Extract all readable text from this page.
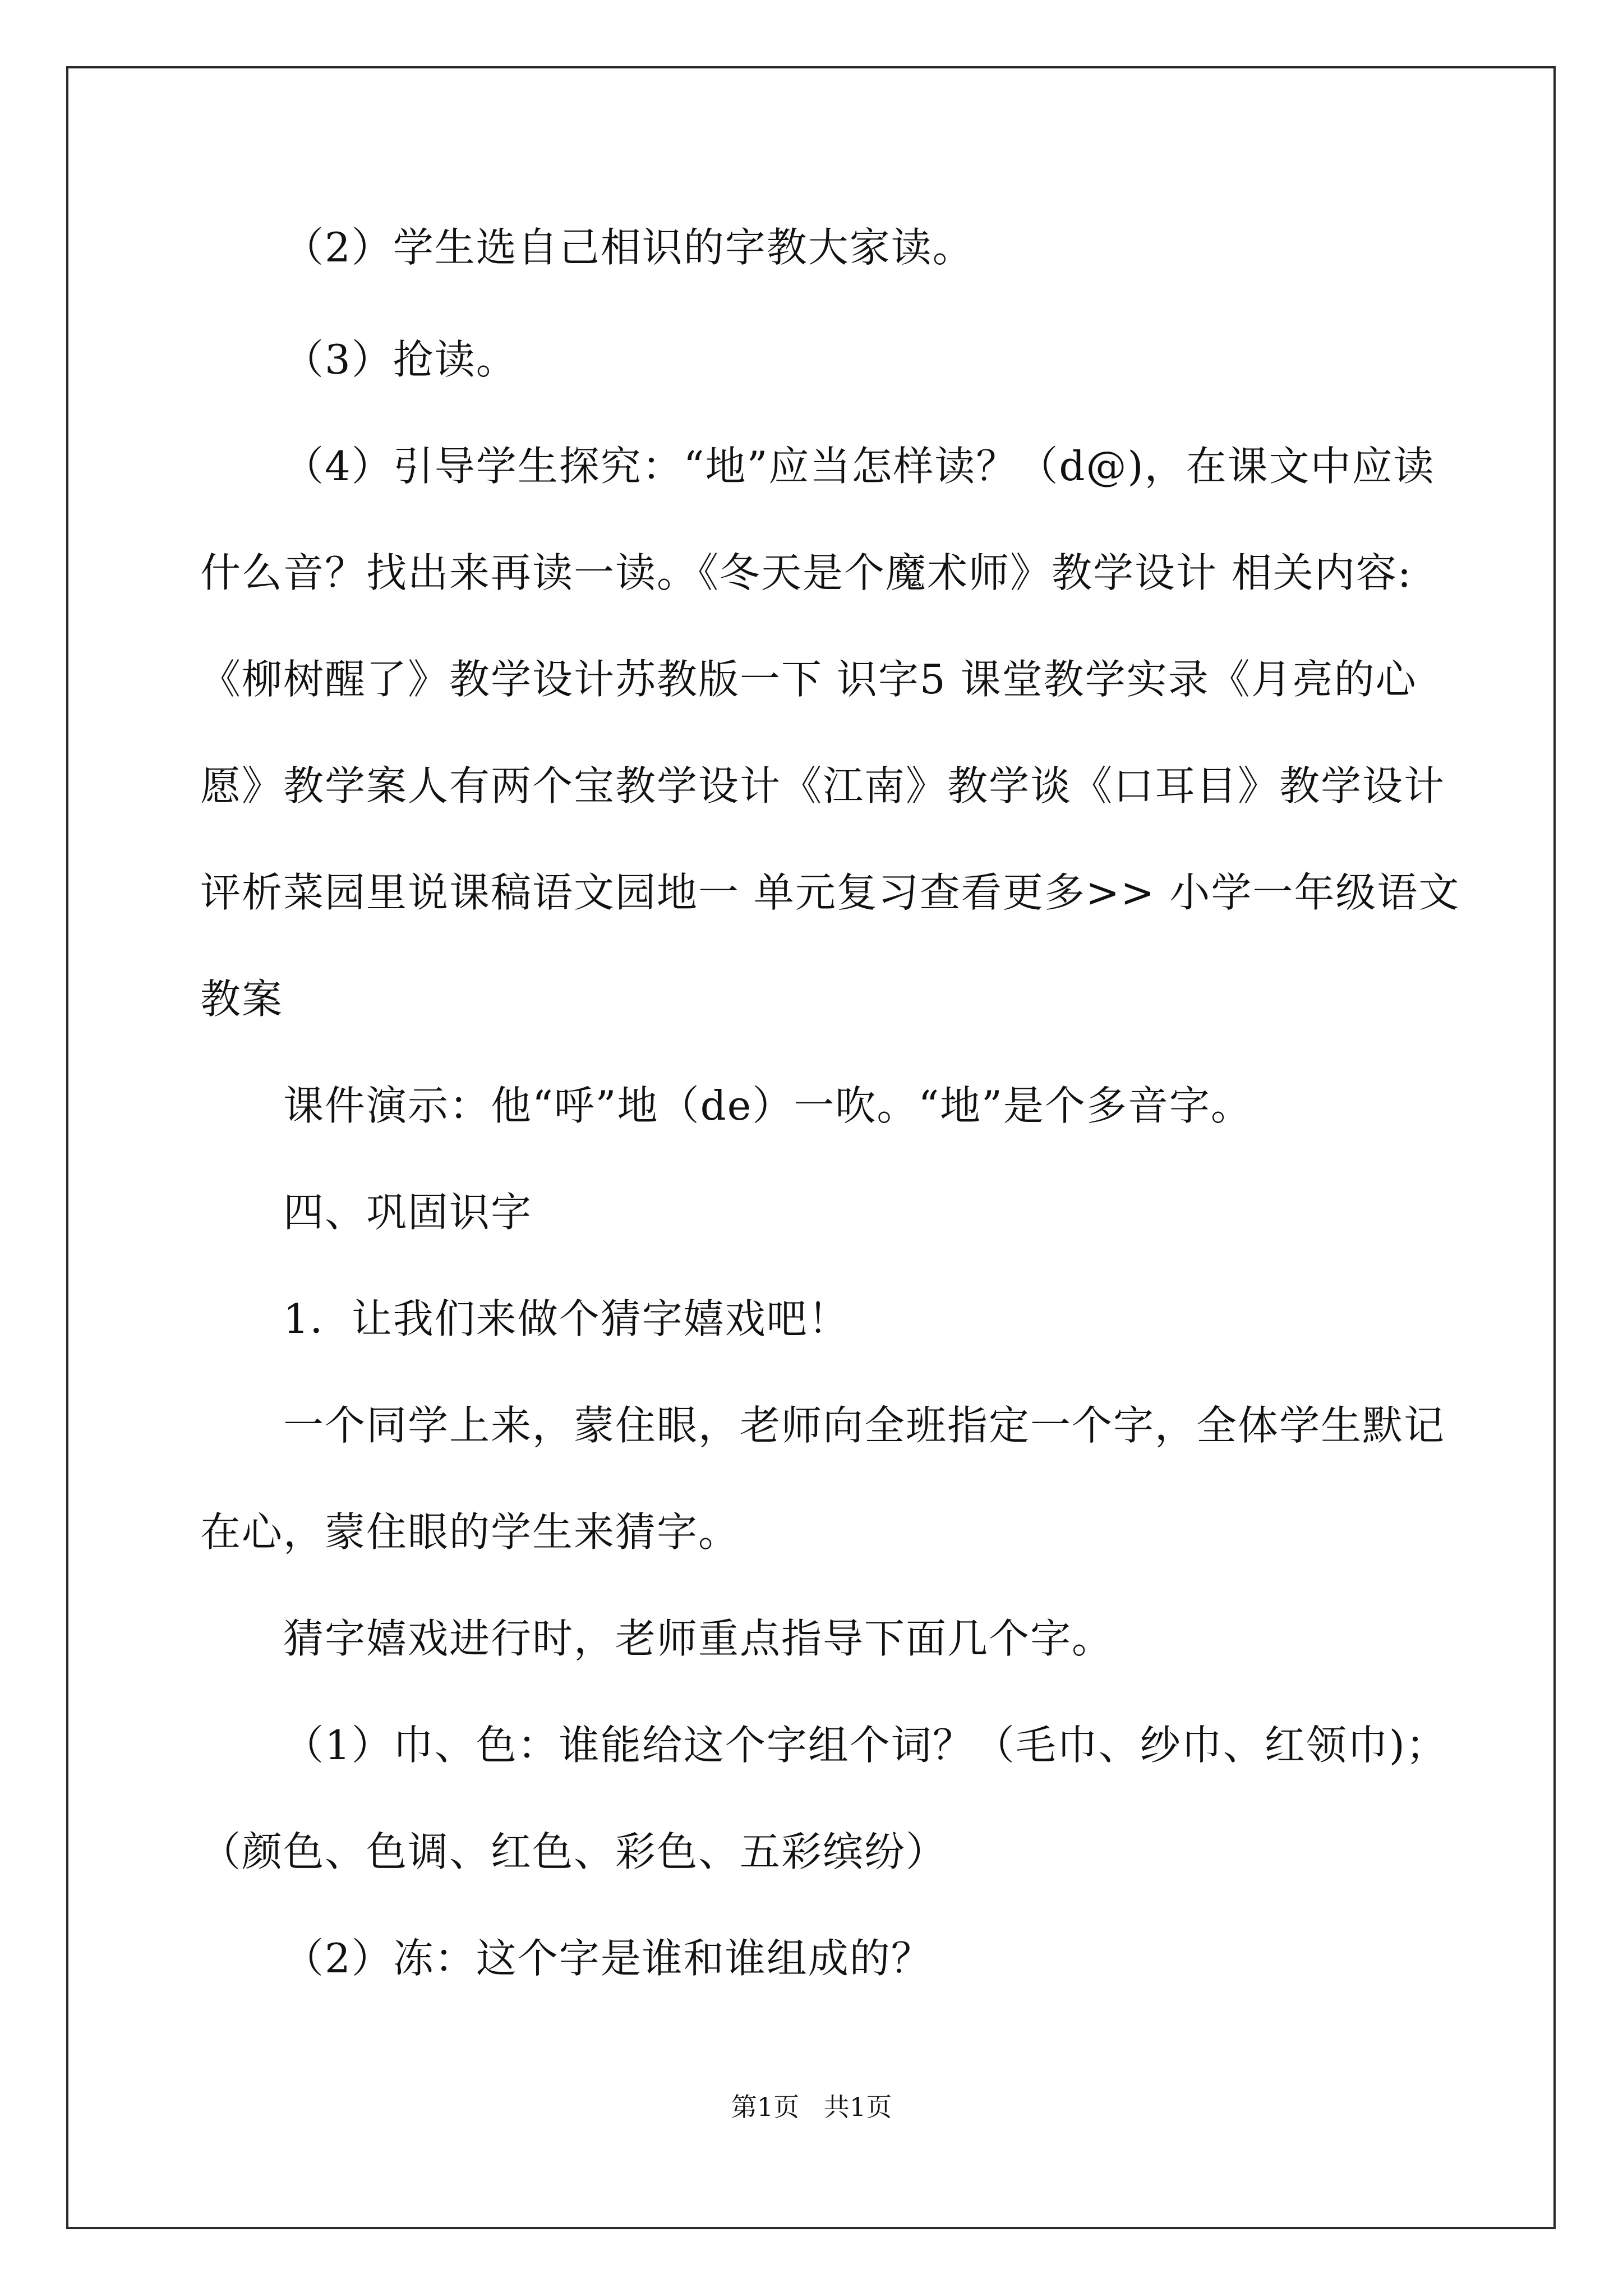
（2）学生选自己相识的字教大家读。
（3）抢读。
（4）引导学生探究：“地”应当怎样读？（d@)，在课文中应读
什么音？找出来再读一读。《冬天是个魔术师》教学设计 相关内容:
《柳树醒了》教学设计苏教版一下 识字5 课堂教学实录《月亮的心
愿》教学案人有两个宝教学设计《江南》教学谈《口耳目》教学设计
评析菜园里说课稿语文园地一 单元复习查看更多>> 小学一年级语文
教案
课件演示：他“呼”地（de）一吹。“地”是个多音字。
四、巩固识字
1．让我们来做个猜字嬉戏吧！
一个同学上来，蒙住眼，老师向全班指定一个字，全体学生默记
在心，蒙住眼的学生来猜字。
猜字嬉戏进行时，老师重点指导下面几个字。
（1）巾、色：谁能给这个字组个词？（毛巾、纱巾、红领巾)；
（颜色、色调、红色、彩色、五彩缤纷）
（2）冻：这个字是谁和谁组成的？
第1页   共1页
